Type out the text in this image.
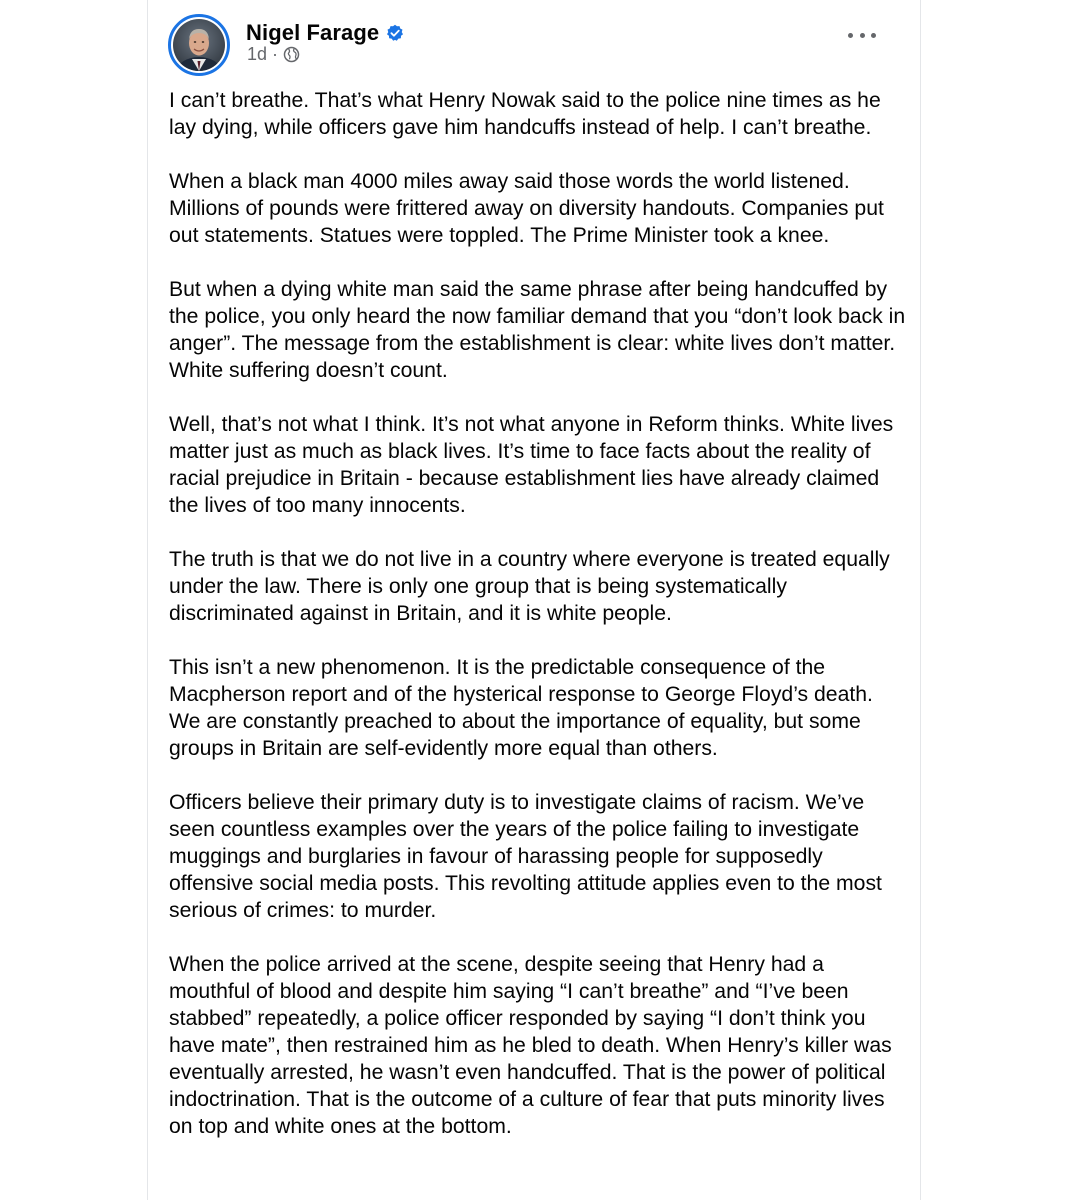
Nigel Farage
1d ·

I can’t breathe. That’s what Henry Nowak said to the police nine times as he lay dying, while officers gave him handcuffs instead of help. I can’t breathe.

When a black man 4000 miles away said those words the world listened. Millions of pounds were frittered away on diversity handouts. Companies put out statements. Statues were toppled. The Prime Minister took a knee.

But when a dying white man said the same phrase after being handcuffed by the police, you only heard the now familiar demand that you “don’t look back in anger”. The message from the establishment is clear: white lives don’t matter. White suffering doesn’t count.

Well, that’s not what I think. It’s not what anyone in Reform thinks. White lives matter just as much as black lives. It’s time to face facts about the reality of racial prejudice in Britain - because establishment lies have already claimed the lives of too many innocents.

The truth is that we do not live in a country where everyone is treated equally under the law. There is only one group that is being systematically discriminated against in Britain, and it is white people.

This isn’t a new phenomenon. It is the predictable consequence of the Macpherson report and of the hysterical response to George Floyd’s death. We are constantly preached to about the importance of equality, but some groups in Britain are self-evidently more equal than others.

Officers believe their primary duty is to investigate claims of racism. We’ve seen countless examples over the years of the police failing to investigate muggings and burglaries in favour of harassing people for supposedly offensive social media posts. This revolting attitude applies even to the most serious of crimes: to murder.

When the police arrived at the scene, despite seeing that Henry had a mouthful of blood and despite him saying “I can’t breathe” and “I’ve been stabbed” repeatedly, a police officer responded by saying “I don’t think you have mate”, then restrained him as he bled to death. When Henry’s killer was eventually arrested, he wasn’t even handcuffed. That is the power of political indoctrination. That is the outcome of a culture of fear that puts minority lives on top and white ones at the bottom.
